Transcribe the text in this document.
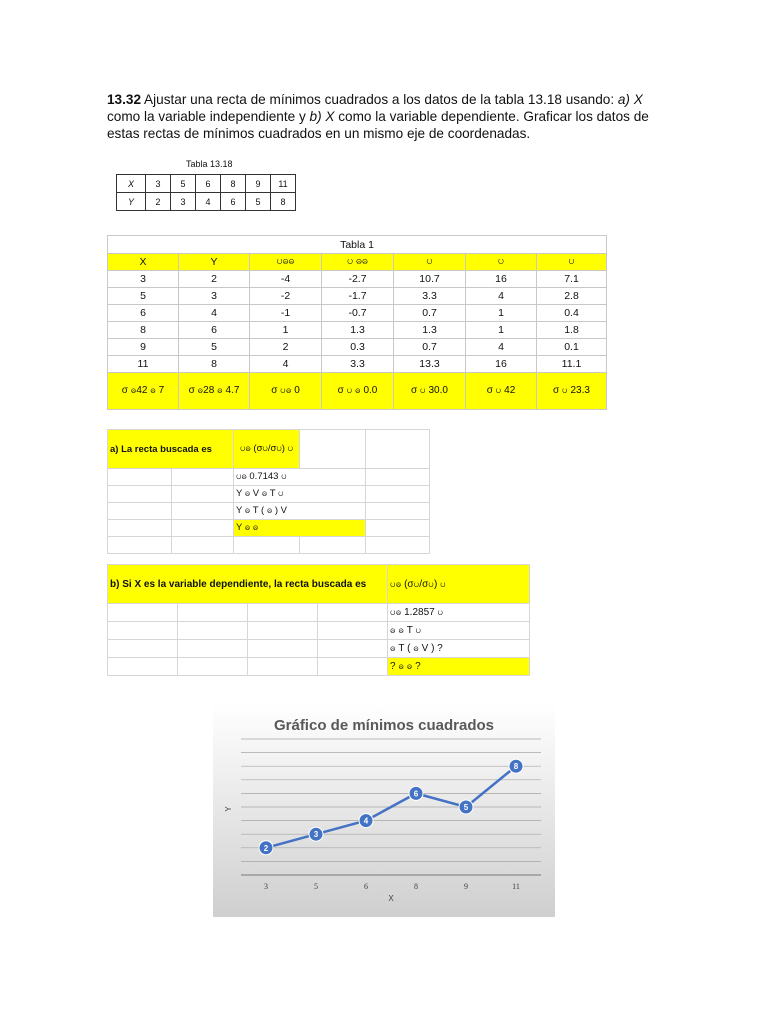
13.32 Ajustar una recta de mínimos cuadrados a los datos de la tabla 13.18 usando: a) X como la variable independiente y b) X como la variable dependiente. Graficar los datos de estas rectas de mínimos cuadrados en un mismo eje de coordenadas.
Tabla 13.18
X	3	5	6	8	9	11
Y	2	3	4	6	5	8
Tabla 1						
X	Y	ပဓ​ဓ	ပ ဓ​ဓ	ပ	ပ	ပ
3	2	-4	-2.7	10.7	16	7.1
5	3	-2	-1.7	3.3	4	2.8
6	4	-1	-0.7	0.7	1	0.4
8	6	1	1.3	1.3	1	1.8
9	5	2	0.3	0.7	4	0.1
11	8	4	3.3	13.3	16	11.1
σ ဓ42 ဓ 7	σ ဓ28 ဓ 4.7	σ ပဓ 0	σ ပ ဓ 0.0	σ ပ 30.0	σ ပ 42	σ ပ 23.3
a) La recta buscada es		ပဓ (σပ/σပ) ပ		
		ပဓ 0.7143 ပ		
		Y ဓ V ဓ T ပ		
		Y ဓ T ( ဓ ) V		
		Y ဓ ဓ		

b) Si X es la variable dependiente, la recta buscada es				ပဓ (σပ/σပ) ပ
				ပဓ 1.2857 ပ
				ဓ ဓ T ပ
				ဓ T ( ဓ V ) ?
				? ဓ ဓ ?
Gráfico de mínimos cuadrados
3	5	6	8	9	11
X
Y
2
3
4
6
5
8
